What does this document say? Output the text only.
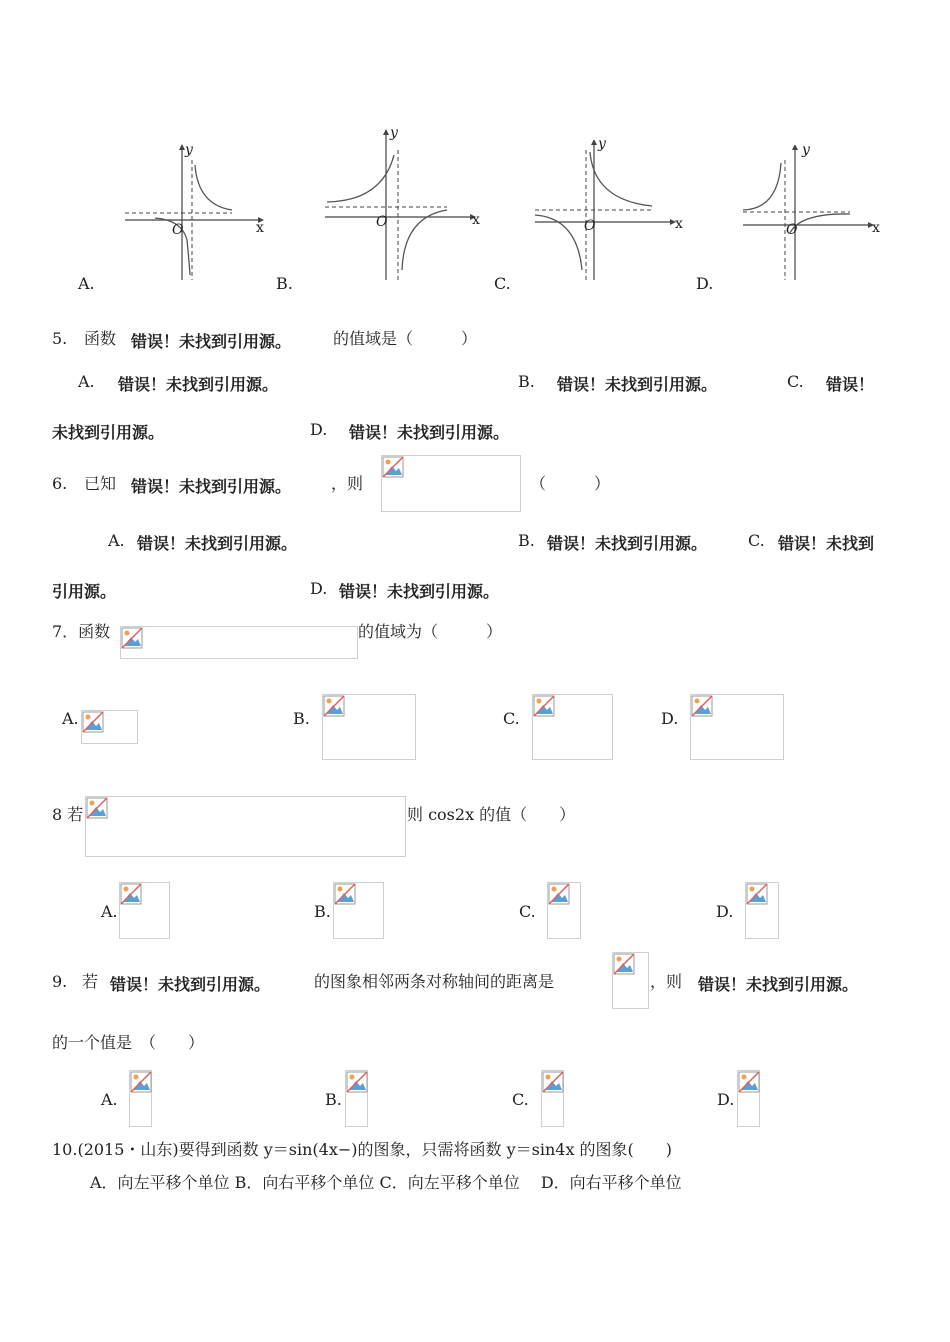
y
x
O
y
x
O
y
x
O
y
x
O
A.	B.	C.	D.
5. 函数 错误！未找到引用源。	的值域是（　　　）
A. 错误！未找到引用源。	B. 错误！未找到引用源。	C. 错误！
未找到引用源。	D. 错误！未找到引用源。
6. 已知 错误！未找到引用源。 ，则	（　　　）
A. 错误！未找到引用源。	B. 错误！未找到引用源。	C. 错误！未找到
引用源。	D. 错误！未找到引用源。
7．函数	的值域为（　　　）
A.	B.	C.	D.
8 若	则 cos2x 的值（　　）
A.	B.	C.	D.
9. 若 错误！未找到引用源。	的图象相邻两条对称轴间的距离是	，则 错误！未找到引用源。
的一个值是　（　　）
A.	B.	C.	D.
10.(2015・山东)要得到函数 y＝sin(4x−)的图象，只需将函数 y＝sin4x 的图象(　　)
A．向左平移个单位 B．向右平移个单位 C．向左平移个单位　 D．向右平移个单位
